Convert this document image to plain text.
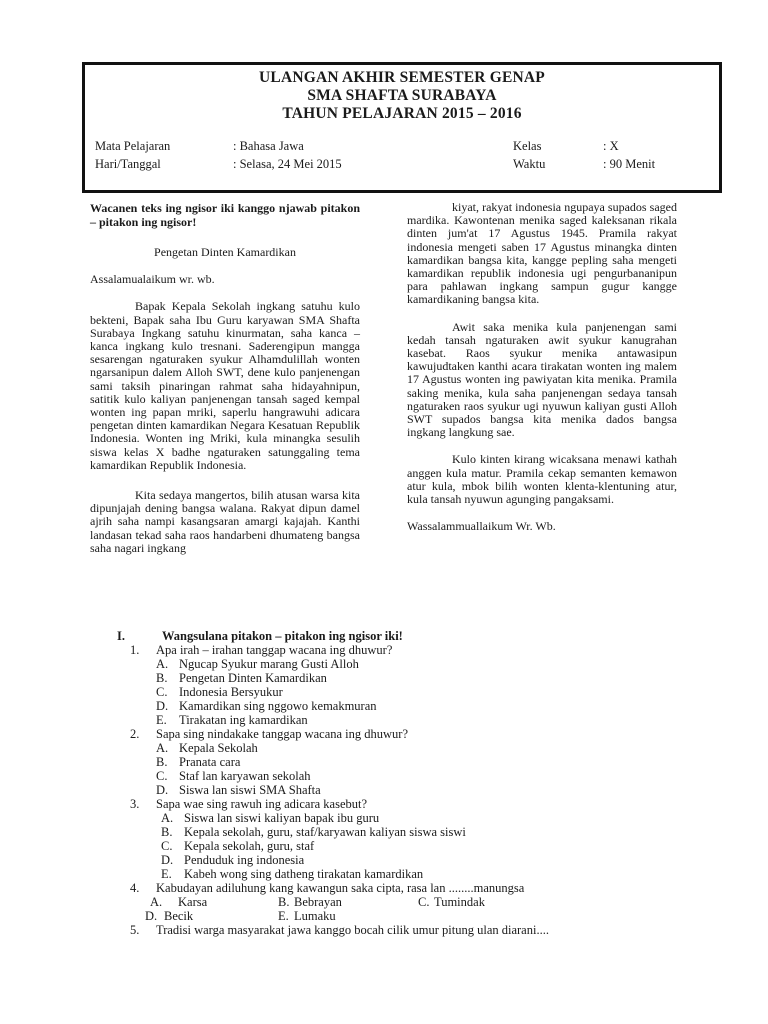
ULANGAN AKHIR SEMESTER GENAP
SMA SHAFTA SURABAYA
TAHUN PELAJARAN 2015 – 2016
Mata Pelajaran	: Bahasa Jawa
Hari/Tanggal	: Selasa, 24 Mei 2015
Kelas	: X
Waktu	: 90 Menit

Wacanen teks ing ngisor iki kanggo njawab pitakon – pitakon ing ngisor!

Pengetan Dinten Kamardikan

Assalamualaikum wr. wb.

Bapak Kepala Sekolah ingkang satuhu kulo bekteni, Bapak saha Ibu Guru karyawan SMA Shafta Surabaya Ingkang satuhu kinurmatan, saha kanca – kanca ingkang kulo tresnani. Saderengipun mangga sesarengan ngaturaken syukur Alhamdulillah wonten ngarsanipun dalem Alloh SWT, dene kulo panjenengan sami taksih pinaringan rahmat saha hidayahnipun, satitik kulo kaliyan panjenengan tansah saged kempal wonten ing papan mriki, saperlu hangrawuhi adicara pengetan dinten kamardikan Negara Kesatuan Republik Indonesia. Wonten ing Mriki, kula minangka sesulih siswa kelas X badhe ngaturaken satunggaling tema kamardikan Republik Indonesia.

Kita sedaya mangertos, bilih atusan warsa kita dipunjajah dening bangsa walana. Rakyat dipun damel ajrih saha nampi kasangsaran amargi kajajah. Kanthi landasan tekad saha raos handarbeni dhumateng bangsa saha nagari ingkang

kiyat, rakyat indonesia ngupaya supados saged mardika. Kawontenan menika saged kaleksanan rikala dinten jum'at 17 Agustus 1945. Pramila rakyat indonesia mengeti saben 17 Agustus minangka dinten kamardikan bangsa kita, kangge pepling saha mengeti kamardikan republik indonesia ugi pengurbananipun para pahlawan ingkang sampun gugur kangge kamardikaning bangsa kita.

Awit saka menika kula panjenengan sami kedah tansah ngaturaken awit syukur kanugrahan kasebat. Raos syukur menika antawasipun kawujudtaken kanthi acara tirakatan wonten ing malem 17 Agustus wonten ing pawiyatan kita menika. Pramila saking menika, kula saha panjenengan sedaya tansah ngaturaken raos syukur ugi nyuwun kaliyan gusti Alloh SWT supados bangsa kita menika dados bangsa ingkang langkung sae.

Kulo kinten kirang wicaksana menawi kathah anggen kula matur. Pramila cekap semanten kemawon atur kula, mbok bilih wonten klenta-klentuning atur, kula tansah nyuwun agunging pangaksami.

Wassalammuallaikum Wr. Wb.

I.	Wangsulana pitakon – pitakon ing ngisor iki!
1. Apa irah – irahan tanggap wacana ing dhuwur?
A. Ngucap Syukur marang Gusti Alloh
B. Pengetan Dinten Kamardikan
C. Indonesia Bersyukur
D. Kamardikan sing nggowo kemakmuran
E. Tirakatan ing kamardikan
2. Sapa sing nindakake tanggap wacana ing dhuwur?
A. Kepala Sekolah
B. Pranata cara
C. Staf lan karyawan sekolah
D. Siswa lan siswi SMA Shafta
3. Sapa wae sing rawuh ing adicara kasebut?
A. Siswa lan siswi kaliyan bapak ibu guru
B. Kepala sekolah, guru, staf/karyawan kaliyan siswa siswi
C. Kepala sekolah, guru, staf
D. Penduduk ing indonesia
E. Kabeh wong sing datheng tirakatan kamardikan
4. Kabudayan adiluhung kang kawangun saka cipta, rasa lan ........manungsa
A. Karsa	B. Bebrayan	C. Tumindak
D. Becik	E. Lumaku
5. Tradisi warga masyarakat jawa kanggo bocah cilik umur pitung ulan diarani....
